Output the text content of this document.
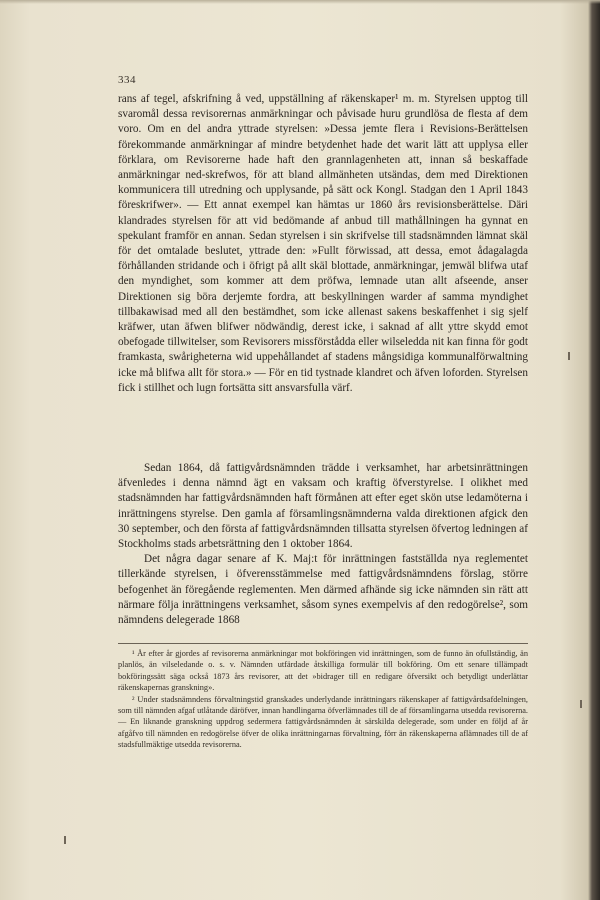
334

rans af tegel, afskrifning å ved, uppställning af räkenskaper¹ m. m. Styrelsen upptog till svaromål dessa revisorernas anmärkningar och påvisade huru grundlösa de flesta af dem voro. Om en del andra yttrade styrelsen: »Dessa jemte flera i Revisions-Berättelsen förekommande anmärkningar af mindre betydenhet hade det warit lätt att upplysa eller förklara, om Revisorerne hade haft den grannlagenheten att, innan så beskaffade anmärkningar ned-skrefwos, för att bland allmänheten utsändas, dem med Direktionen kommunicera till utredning och upplysande, på sätt ock Kongl. Stadgan den 1 April 1843 föreskrifwer». — Ett annat exempel kan hämtas ur 1860 års revisionsberättelse. Däri klandrades styrelsen för att vid bedömande af anbud till mathållningen ha gynnat en spekulant framför en annan. Sedan styrelsen i sin skrifvelse till stadsnämnden lämnat skäl för det omtalade beslutet, yttrade den: »Fullt förwissad, att dessa, emot ådagalagda förhållanden stridande och i öfrigt på allt skäl blottade, anmärkningar, jemwäl blifwa utaf den myndighet, som kommer att dem pröfwa, lemnade utan allt afseende, anser Direktionen sig böra derjemte fordra, att beskyllningen warder af samma myndighet tillbakawisad med all den bestämdhet, som icke allenast sakens beskaffenhet i sig sjelf kräfwer, utan äfwen blifwer nödwändig, derest icke, i saknad af allt yttre skydd emot obefogade tillwitelser, som Revisorers missförstådda eller wilseledda nit kan finna för godt framkasta, swårigheterna wid uppehållandet af stadens mångsidiga kommunalförwaltning icke må blifwa allt för stora.» — För en tid tystnade klandret och äfven loforden. Styrelsen fick i stillhet och lugn fortsätta sitt ansvarsfulla värf.

Sedan 1864, då fattigvårdsnämnden trädde i verksamhet, har arbetsinrättningen äfvenledes i denna nämnd ägt en vaksam och kraftig öfverstyrelse. I olikhet med stadsnämnden har fattigvårdsnämnden haft förmånen att efter eget skön utse ledamöterna i inrättningens styrelse. Den gamla af församlingsnämnderna valda direktionen afgick den 30 september, och den första af fattigvårdsnämnden tillsatta styrelsen öfvertog ledningen af Stockholms stads arbetsrättning den 1 oktober 1864.

Det några dagar senare af K. Maj:t för inrättningen fastställda nya reglementet tillerkände styrelsen, i öfverensstämmelse med fattigvårdsnämndens förslag, större befogenhet än föregående reglementen. Men därmed afhände sig icke nämnden sin rätt att närmare följa inrättningens verksamhet, såsom synes exempelvis af den redogörelse², som nämndens delegerade 1868

¹ År efter år gjordes af revisorerna anmärkningar mot bokföringen vid inrättningen, som de funno än ofullständig, än planlös, än vilseledande o. s. v. Nämnden utfärdade åtskilliga formulär till bokföring. Om ett senare tillämpadt bokföringssätt säga också 1873 års revisorer, att det »bidrager till en redigare öfversikt och betydligt underlättar räkenskapernas granskning».

² Under stadsnämndens förvaltningstid granskades underlydande inrättningars räkenskaper af fattigvårdsafdelningen, som till nämnden afgaf utlåtande däröfver, innan handlingarna öfverlämnades till de af församlingarna utsedda revisorerna. — En liknande granskning uppdrog sedermera fattigvårdsnämnden åt särskilda delegerade, som under en följd af år afgåfvo till nämnden en redogörelse öfver de olika inrättningarnas förvaltning, förr än räkenskaperna aflämnades till de af stadsfullmäktige utsedda revisorerna.
